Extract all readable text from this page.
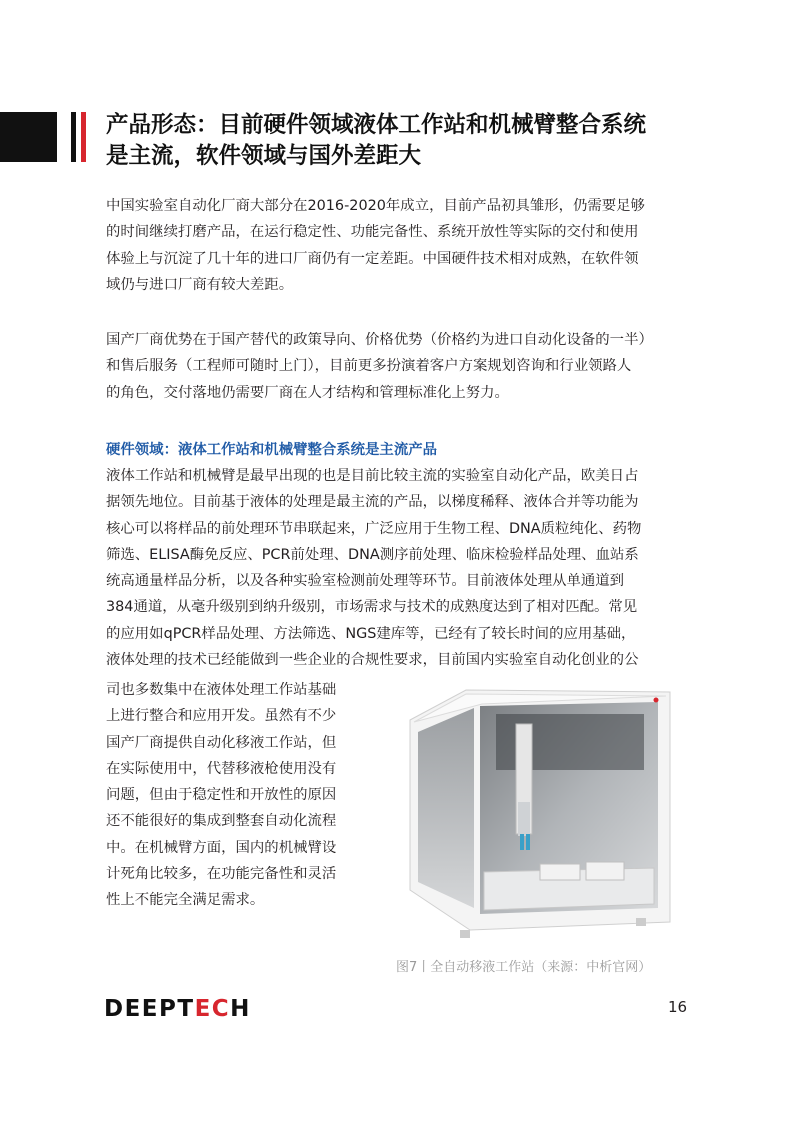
产品形态：目前硬件领域液体工作站和机械臂整合系统
是主流，软件领域与国外差距大

中国实验室自动化厂商大部分在2016-2020年成立，目前产品初具雏形，仍需要足够
的时间继续打磨产品，在运行稳定性、功能完备性、系统开放性等实际的交付和使用
体验上与沉淀了几十年的进口厂商仍有一定差距。中国硬件技术相对成熟，在软件领
域仍与进口厂商有较大差距。

国产厂商优势在于国产替代的政策导向、价格优势（价格约为进口自动化设备的一半）
和售后服务（工程师可随时上门），目前更多扮演着客户方案规划咨询和行业领路人
的角色，交付落地仍需要厂商在人才结构和管理标准化上努力。

硬件领域：液体工作站和机械臂整合系统是主流产品

液体工作站和机械臂是最早出现的也是目前比较主流的实验室自动化产品，欧美日占
据领先地位。目前基于液体的处理是最主流的产品，以梯度稀释、液体合并等功能为
核心可以将样品的前处理环节串联起来，广泛应用于生物工程、DNA质粒纯化、药物
筛选、ELISA酶免反应、PCR前处理、DNA测序前处理、临床检验样品处理、血站系
统高通量样品分析，以及各种实验室检测前处理等环节。目前液体处理从单通道到
384通道，从毫升级别到纳升级别，市场需求与技术的成熟度达到了相对匹配。常见
的应用如qPCR样品处理、方法筛选、NGS建库等，已经有了较长时间的应用基础，
液体处理的技术已经能做到一些企业的合规性要求，目前国内实验室自动化创业的公

司也多数集中在液体处理工作站基础
上进行整合和应用开发。虽然有不少
国产厂商提供自动化移液工作站，但
在实际使用中，代替移液枪使用没有
问题，但由于稳定性和开放性的原因
还不能很好的集成到整套自动化流程
中。在机械臂方面，国内的机械臂设
计死角比较多，在功能完备性和灵活
性上不能完全满足需求。

图7丨全自动移液工作站（来源：中析官网）
DEEPTECH	16
